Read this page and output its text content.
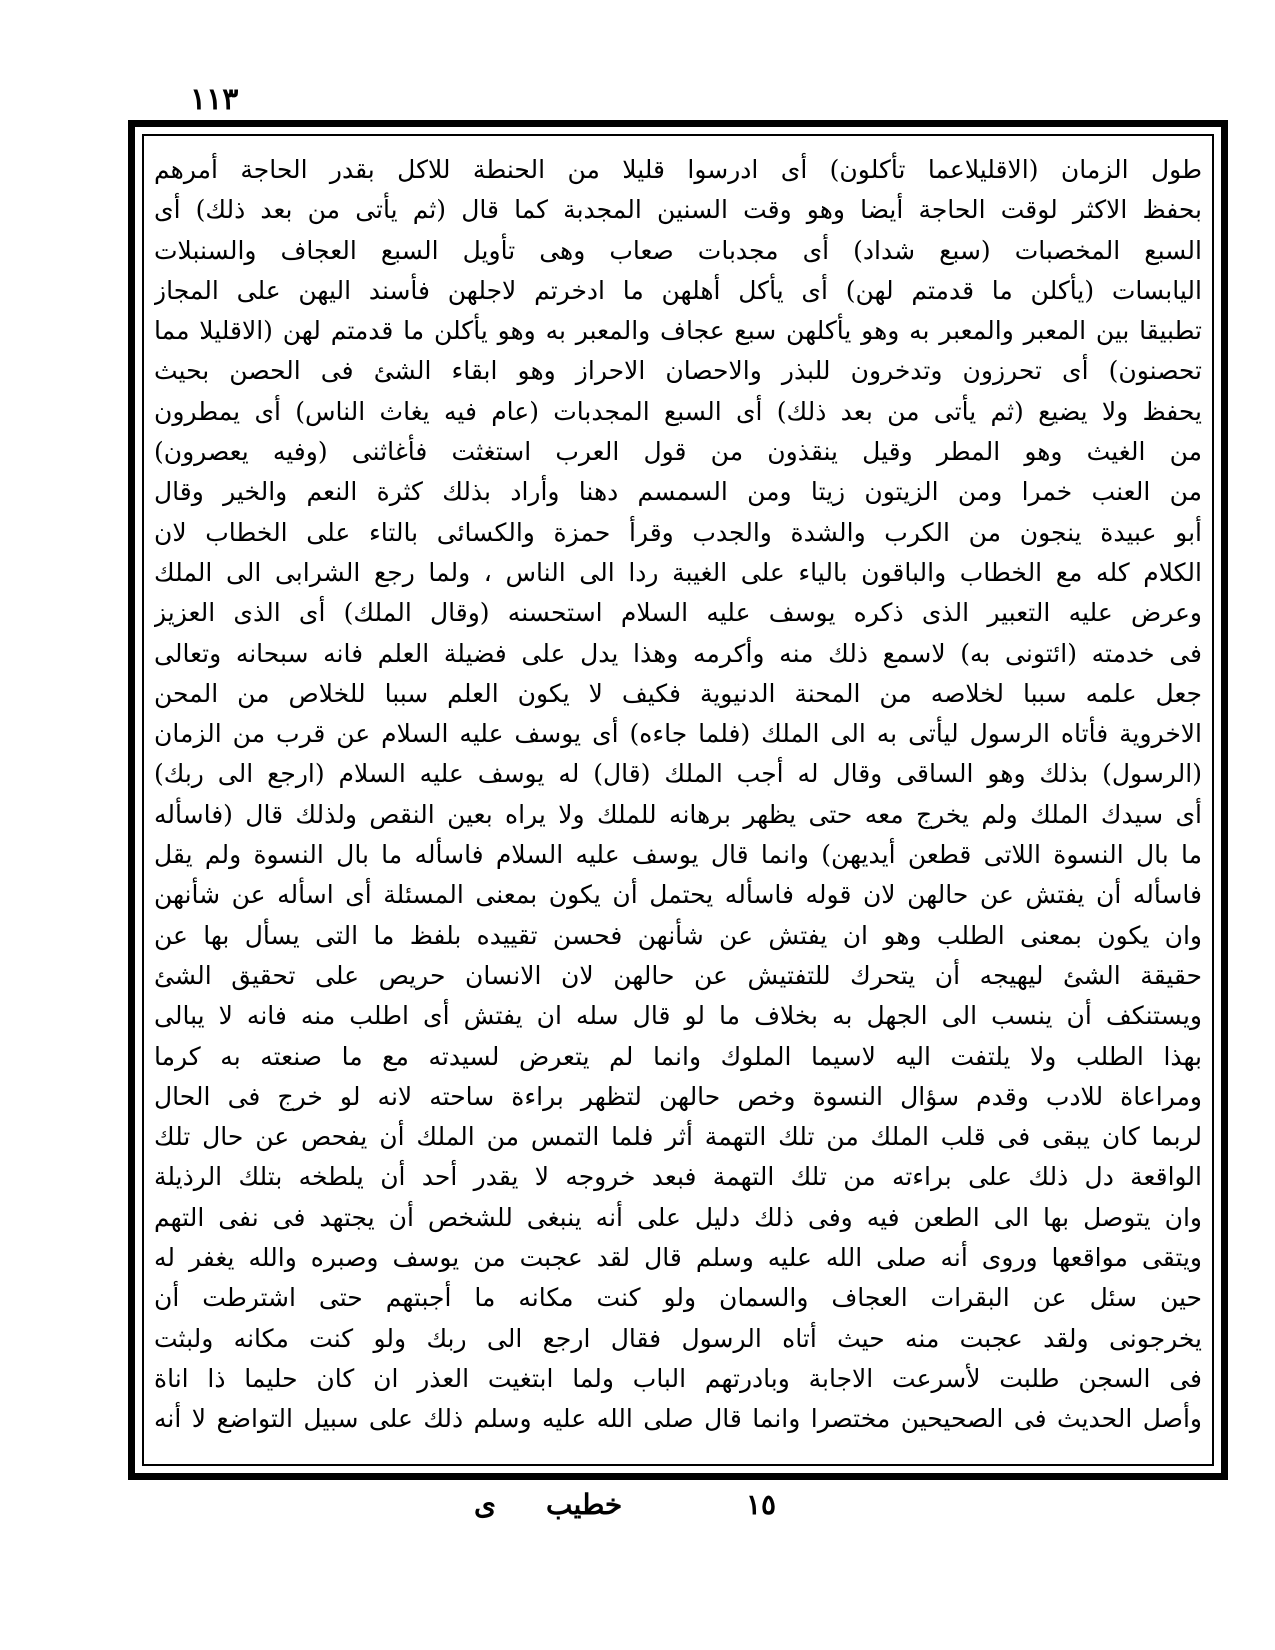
١١٣
طول الزمان (الاقليلاعما تأكلون) أى ادرسوا قليلا من الحنطة للاكل بقدر الحاجة أمرهم
بحفظ الاكثر لوقت الحاجة أيضا وهو وقت السنين المجدبة كما قال (ثم يأتى من بعد ذلك) أى
السبع المخصبات (سبع شداد) أى مجدبات صعاب وهى تأويل السبع العجاف والسنبلات
اليابسات (يأكلن ما قدمتم لهن) أى يأكل أهلهن ما ادخرتم لاجلهن فأسند اليهن على المجاز
تطبيقا بين المعبر والمعبر به وهو يأكلهن سبع عجاف والمعبر به وهو يأكلن ما قدمتم لهن (الاقليلا مما
تحصنون) أى تحرزون وتدخرون للبذر والاحصان الاحراز وهو ابقاء الشئ فى الحصن بحيث
يحفظ ولا يضيع (ثم يأتى من بعد ذلك) أى السبع المجدبات (عام فيه يغاث الناس) أى يمطرون
من الغيث وهو المطر وقيل ينقذون من قول العرب استغثت فأغاثنى (وفيه يعصرون)
من العنب خمرا ومن الزيتون زيتا ومن السمسم دهنا وأراد بذلك كثرة النعم والخير وقال
أبو عبيدة ينجون من الكرب والشدة والجدب وقرأ حمزة والكسائى بالتاء على الخطاب لان
الكلام كله مع الخطاب والباقون بالياء على الغيبة ردا الى الناس ، ولما رجع الشرابى الى الملك
وعرض عليه التعبير الذى ذكره يوسف عليه السلام استحسنه (وقال الملك) أى الذى العزيز
فى خدمته (ائتونى به) لاسمع ذلك منه وأكرمه وهذا يدل على فضيلة العلم فانه سبحانه وتعالى
جعل علمه سببا لخلاصه من المحنة الدنيوية فكيف لا يكون العلم سببا للخلاص من المحن
الاخروية فأتاه الرسول ليأتى به الى الملك (فلما جاءه) أى يوسف عليه السلام عن قرب من الزمان
(الرسول) بذلك وهو الساقى وقال له أجب الملك (قال) له يوسف عليه السلام (ارجع الى ربك)
أى سيدك الملك ولم يخرج معه حتى يظهر برهانه للملك ولا يراه بعين النقص ولذلك قال (فاسأله
ما بال النسوة اللاتى قطعن أيديهن) وانما قال يوسف عليه السلام فاسأله ما بال النسوة ولم يقل
فاسأله أن يفتش عن حالهن لان قوله فاسأله يحتمل أن يكون بمعنى المسئلة أى اسأله عن شأنهن
وان يكون بمعنى الطلب وهو ان يفتش عن شأنهن فحسن تقييده بلفظ ما التى يسأل بها عن
حقيقة الشئ ليهيجه أن يتحرك للتفتيش عن حالهن لان الانسان حريص على تحقيق الشئ
ويستنكف أن ينسب الى الجهل به بخلاف ما لو قال سله ان يفتش أى اطلب منه فانه لا يبالى
بهذا الطلب ولا يلتفت اليه لاسيما الملوك وانما لم يتعرض لسيدته مع ما صنعته به كرما
ومراعاة للادب وقدم سؤال النسوة وخص حالهن لتظهر براءة ساحته لانه لو خرج فى الحال
لربما كان يبقى فى قلب الملك من تلك التهمة أثر فلما التمس من الملك أن يفحص عن حال تلك
الواقعة دل ذلك على براءته من تلك التهمة فبعد خروجه لا يقدر أحد أن يلطخه بتلك الرذيلة
وان يتوصل بها الى الطعن فيه وفى ذلك دليل على أنه ينبغى للشخص أن يجتهد فى نفى التهم
ويتقى مواقعها وروى أنه صلى الله عليه وسلم قال لقد عجبت من يوسف وصبره والله يغفر له
حين سئل عن البقرات العجاف والسمان ولو كنت مكانه ما أجبتهم حتى اشترطت أن
يخرجونى ولقد عجبت منه حيث أتاه الرسول فقال ارجع الى ربك ولو كنت مكانه ولبثت
فى السجن طلبت لأسرعت الاجابة وبادرتهم الباب ولما ابتغيت العذر ان كان حليما ذا اناة
وأصل الحديث فى الصحيحين مختصرا وانما قال صلى الله عليه وسلم ذلك على سبيل التواضع لا أنه
١٥
خطيب
ى
